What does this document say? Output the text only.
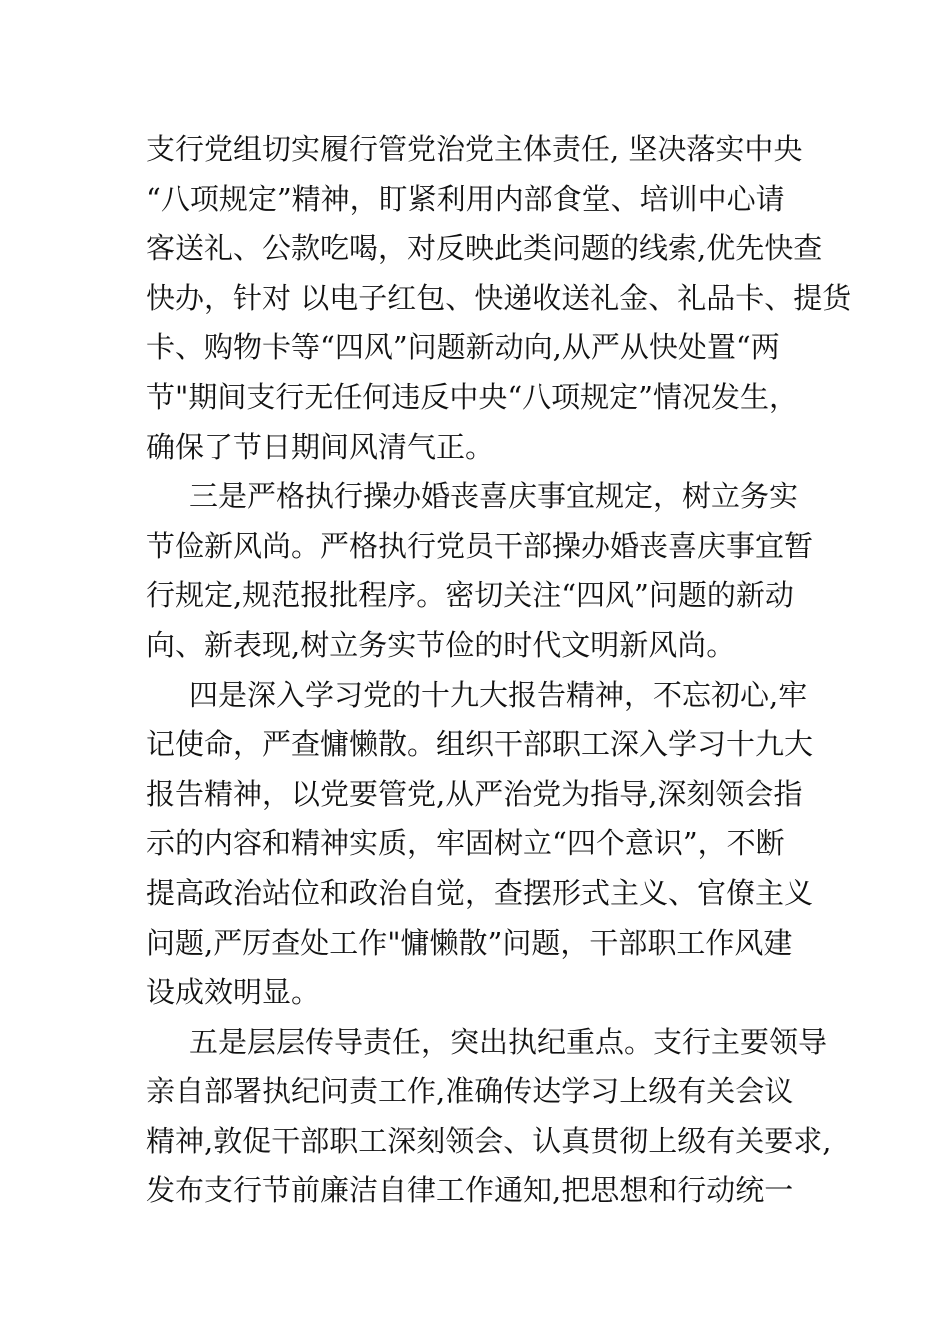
支行党组切实履行管党治党主体责任, 坚决落实中央
“八项规定”精神，盯紧利用内部食堂、培训中心请
客送礼、公款吃喝，对反映此类问题的线索,优先快查
快办，针对 以电子红包、快递收送礼金、礼品卡、提货
卡、购物卡等“四风”问题新动向,从严从快处置“两
节"期间支行无任何违反中央“八项规定”情况发生，
确保了节日期间风清气正。
三是严格执行操办婚丧喜庆事宜规定，树立务实
节俭新风尚。严格执行党员干部操办婚丧喜庆事宜暂
行规定,规范报批程序。密切关注“四风”问题的新动
向、新表现,树立务实节俭的时代文明新风尚。
四是深入学习党的十九大报告精神，不忘初心,牢
记使命，严查慵懒散。组织干部职工深入学习十九大
报告精神，以党要管党,从严治党为指导,深刻领会指
示的内容和精神实质，牢固树立“四个意识”，不断
提高政治站位和政治自觉，查摆形式主义、官僚主义
问题,严厉查处工作"慵懒散”问题，干部职工作风建
设成效明显。
五是层层传导责任，突出执纪重点。支行主要领导
亲自部署执纪问责工作,准确传达学习上级有关会议
精神,敦促干部职工深刻领会、认真贯彻上级有关要求,
发布支行节前廉洁自律工作通知,把思想和行动统一
